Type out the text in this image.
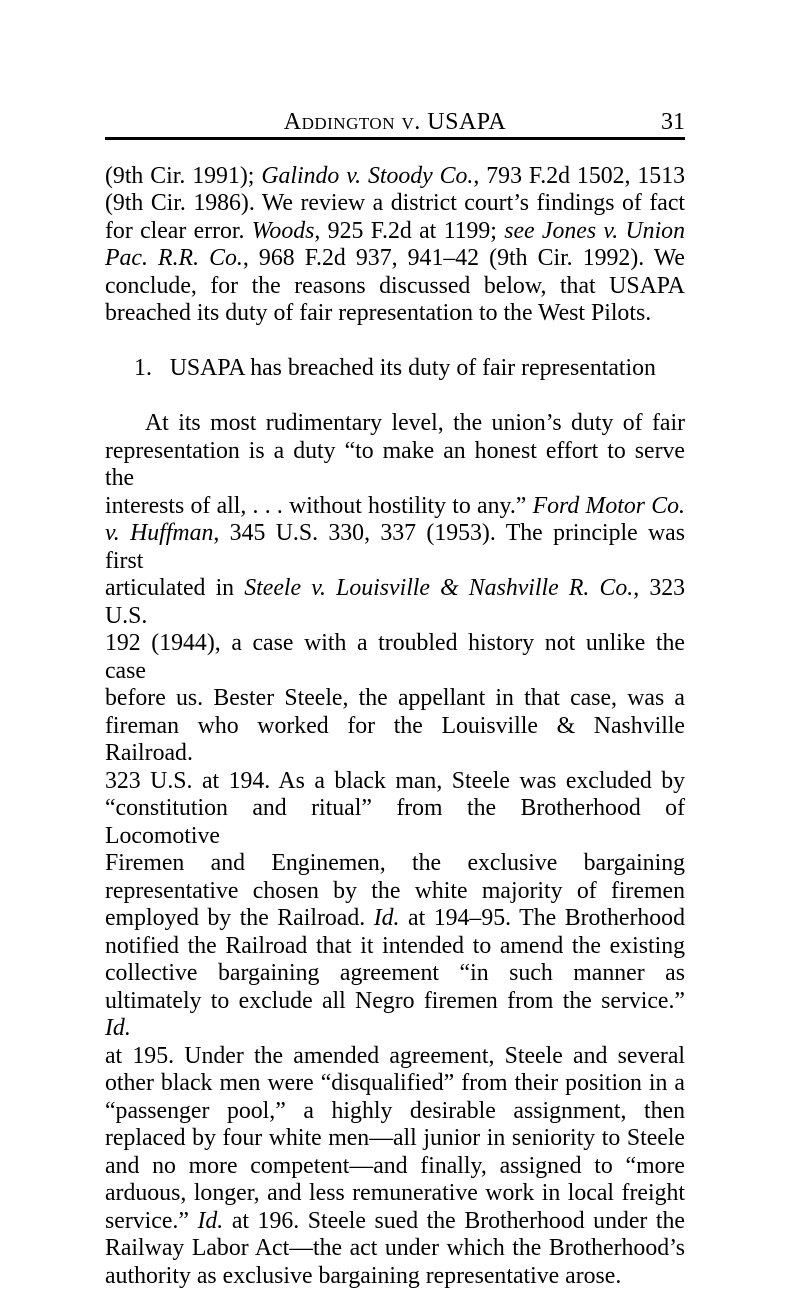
Addington v. USAPA	31
(9th Cir. 1991); Galindo v. Stoody Co., 793 F.2d 1502, 1513
(9th Cir. 1986). We review a district court’s findings of fact
for clear error. Woods, 925 F.2d at 1199; see Jones v. Union
Pac. R.R. Co., 968 F.2d 937, 941–42 (9th Cir. 1992). We
conclude, for the reasons discussed below, that USAPA
breached its duty of fair representation to the West Pilots.
1.   USAPA has breached its duty of fair representation
At its most rudimentary level, the union’s duty of fair
representation is a duty “to make an honest effort to serve the
interests of all, . . . without hostility to any.” Ford Motor Co.
v. Huffman, 345 U.S. 330, 337 (1953). The principle was first
articulated in Steele v. Louisville & Nashville R. Co., 323 U.S.
192 (1944), a case with a troubled history not unlike the case
before us. Bester Steele, the appellant in that case, was a
fireman who worked for the Louisville & Nashville Railroad.
323 U.S. at 194. As a black man, Steele was excluded by
“constitution and ritual” from the Brotherhood of Locomotive
Firemen and Enginemen, the exclusive bargaining
representative chosen by the white majority of firemen
employed by the Railroad. Id. at 194–95. The Brotherhood
notified the Railroad that it intended to amend the existing
collective bargaining agreement “in such manner as
ultimately to exclude all Negro firemen from the service.” Id.
at 195. Under the amended agreement, Steele and several
other black men were “disqualified” from their position in a
“passenger pool,” a highly desirable assignment, then
replaced by four white men—all junior in seniority to Steele
and no more competent—and finally, assigned to “more
arduous, longer, and less remunerative work in local freight
service.” Id. at 196. Steele sued the Brotherhood under the
Railway Labor Act—the act under which the Brotherhood’s
authority as exclusive bargaining representative arose.
